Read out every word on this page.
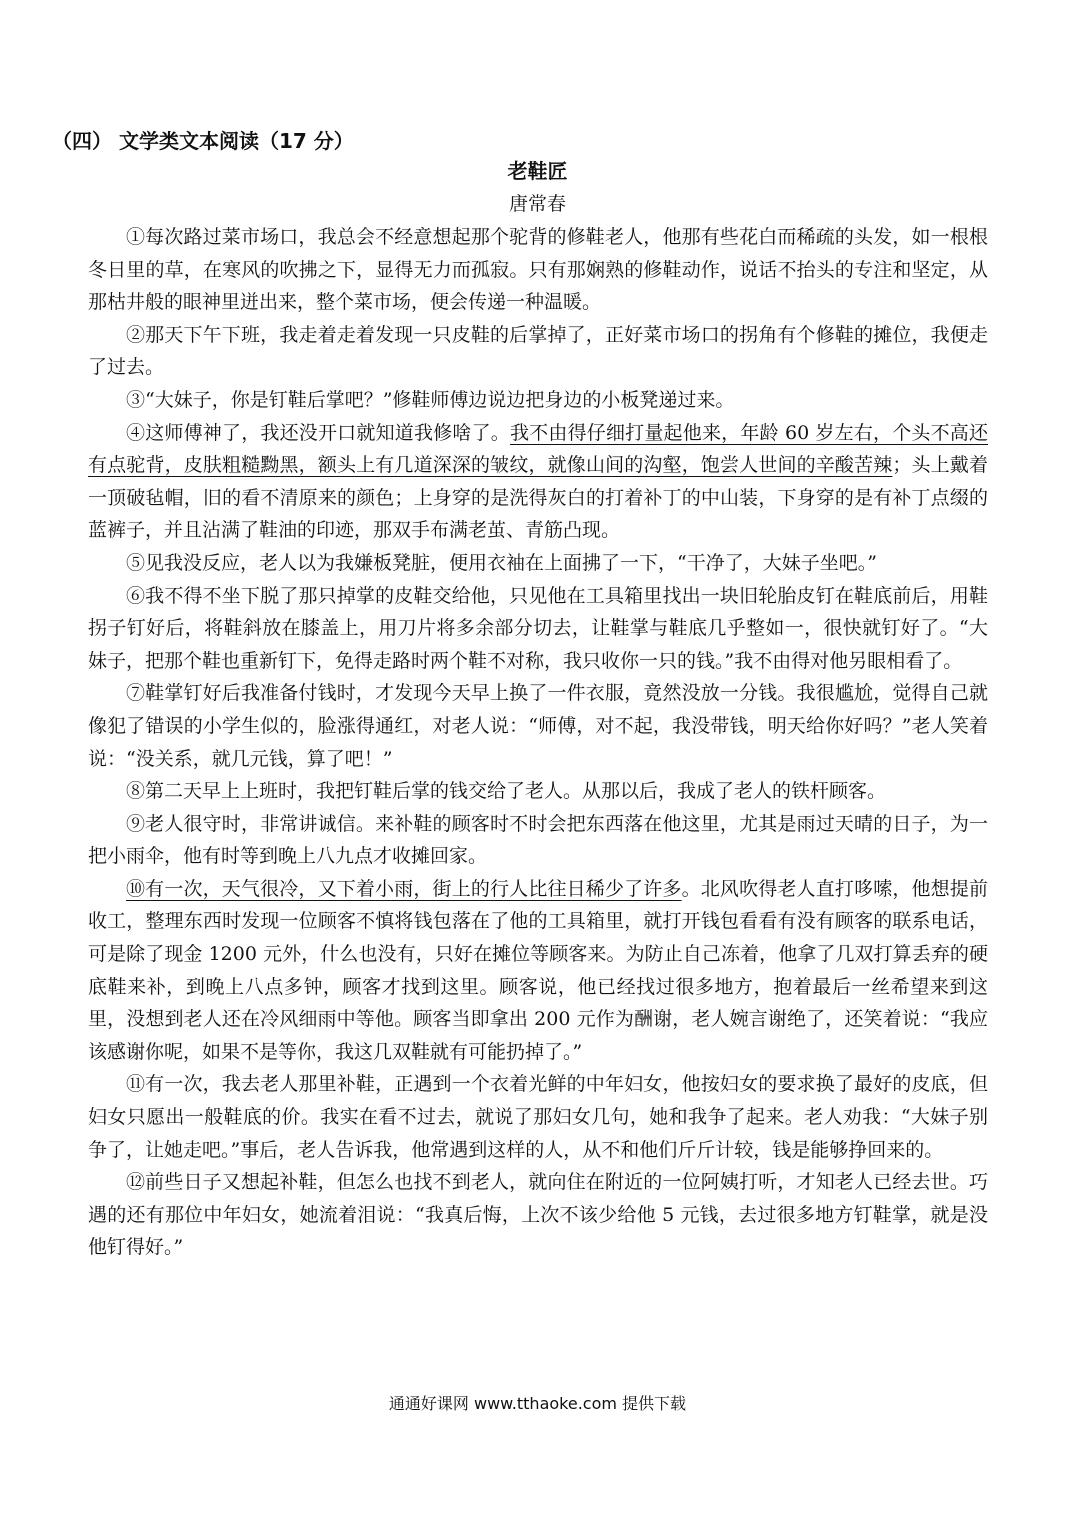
（四） 文学类文本阅读（17 分）
老鞋匠
唐常春

①每次路过菜市场口，我总会不经意想起那个驼背的修鞋老人，他那有些花白而稀疏的头发，如一根根冬日里的草，在寒风的吹拂之下，显得无力而孤寂。只有那娴熟的修鞋动作，说话不抬头的专注和坚定，从那枯井般的眼神里迸出来，整个菜市场，便会传递一种温暖。

②那天下午下班，我走着走着发现一只皮鞋的后掌掉了，正好菜市场口的拐角有个修鞋的摊位，我便走了过去。

③“大妹子，你是钉鞋后掌吧？”修鞋师傅边说边把身边的小板凳递过来。

④这师傅神了，我还没开口就知道我修啥了。我不由得仔细打量起他来，年龄 60 岁左右，个头不高还有点驼背，皮肤粗糙黝黑，额头上有几道深深的皱纹，就像山间的沟壑，饱尝人世间的辛酸苦辣；头上戴着一顶破毡帽，旧的看不清原来的颜色；上身穿的是洗得灰白的打着补丁的中山装，下身穿的是有补丁点缀的蓝裤子，并且沾满了鞋油的印迹，那双手布满老茧、青筋凸现。

⑤见我没反应，老人以为我嫌板凳脏，便用衣袖在上面拂了一下，“干净了，大妹子坐吧。”

⑥我不得不坐下脱了那只掉掌的皮鞋交给他，只见他在工具箱里找出一块旧轮胎皮钉在鞋底前后，用鞋拐子钉好后，将鞋斜放在膝盖上，用刀片将多余部分切去，让鞋掌与鞋底几乎整如一，很快就钉好了。“大妹子，把那个鞋也重新钉下，免得走路时两个鞋不对称，我只收你一只的钱。”我不由得对他另眼相看了。

⑦鞋掌钉好后我准备付钱时，才发现今天早上换了一件衣服，竟然没放一分钱。我很尴尬，觉得自己就像犯了错误的小学生似的，脸涨得通红，对老人说：“师傅，对不起，我没带钱，明天给你好吗？”老人笑着说：“没关系，就几元钱，算了吧！”

⑧第二天早上上班时，我把钉鞋后掌的钱交给了老人。从那以后，我成了老人的铁杆顾客。

⑨老人很守时，非常讲诚信。来补鞋的顾客时不时会把东西落在他这里，尤其是雨过天晴的日子，为一把小雨伞，他有时等到晚上八九点才收摊回家。

⑩有一次，天气很冷，又下着小雨，街上的行人比往日稀少了许多。北风吹得老人直打哆嗦，他想提前收工，整理东西时发现一位顾客不慎将钱包落在了他的工具箱里，就打开钱包看看有没有顾客的联系电话，可是除了现金 1200 元外，什么也没有，只好在摊位等顾客来。为防止自己冻着，他拿了几双打算丢弃的硬底鞋来补，到晚上八点多钟，顾客才找到这里。顾客说，他已经找过很多地方，抱着最后一丝希望来到这里，没想到老人还在冷风细雨中等他。顾客当即拿出 200 元作为酬谢，老人婉言谢绝了，还笑着说：“我应该感谢你呢，如果不是等你，我这几双鞋就有可能扔掉了。”

⑪有一次，我去老人那里补鞋，正遇到一个衣着光鲜的中年妇女，他按妇女的要求换了最好的皮底，但妇女只愿出一般鞋底的价。我实在看不过去，就说了那妇女几句，她和我争了起来。老人劝我：“大妹子别争了，让她走吧。”事后，老人告诉我，他常遇到这样的人，从不和他们斤斤计较，钱是能够挣回来的。

⑫前些日子又想起补鞋，但怎么也找不到老人，就向住在附近的一位阿姨打听，才知老人已经去世。巧遇的还有那位中年妇女，她流着泪说：“我真后悔，上次不该少给他 5 元钱，去过很多地方钉鞋掌，就是没他钉得好。”

通通好课网 www.tthaoke.com 提供下载
